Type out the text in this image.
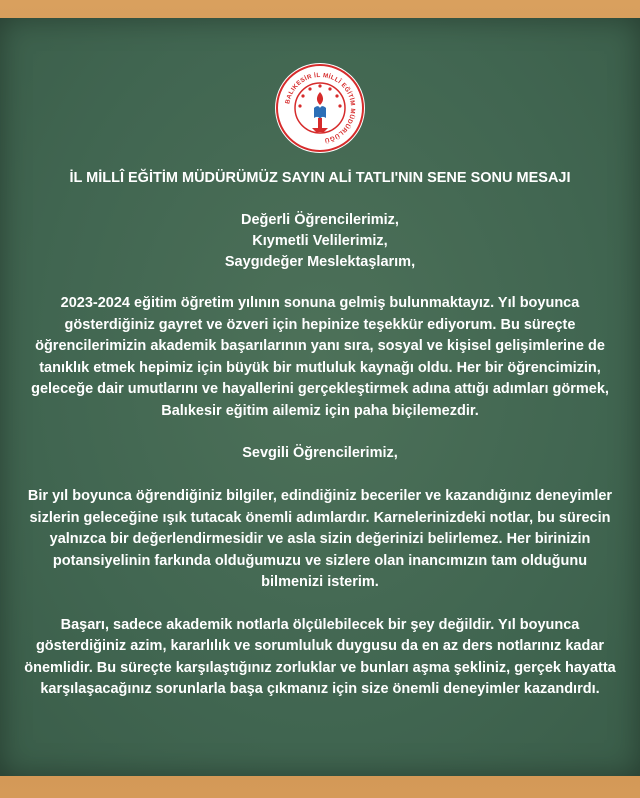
BALIKESİR İL MİLLÎ EĞİTİM MÜDÜRLÜĞÜ
İL MİLLÎ EĞİTİM MÜDÜRÜMÜZ SAYIN ALİ TATLI'NIN SENE SONU MESAJI

Değerli Öğrencilerimiz,

Kıymetli Velilerimiz,

Saygıdeğer Meslektaşlarım,

2023-2024 eğitim öğretim yılının sonuna gelmiş bulunmaktayız. Yıl boyunca gösterdiğiniz gayret ve özveri için hepinize teşekkür ediyorum. Bu süreçte öğrencilerimizin akademik başarılarının yanı sıra, sosyal ve kişisel gelişimlerine de tanıklık etmek hepimiz için büyük bir mutluluk kaynağı oldu. Her bir öğrencimizin, geleceğe dair umutlarını ve hayallerini gerçekleştirmek adına attığı adımları görmek, Balıkesir eğitim ailemiz için paha biçilemezdir.

Sevgili Öğrencilerimiz,

Bir yıl boyunca öğrendiğiniz bilgiler, edindiğiniz beceriler ve kazandığınız deneyimler sizlerin geleceğine ışık tutacak önemli adımlardır. Karnelerinizdeki notlar, bu sürecin yalnızca bir değerlendirmesidir ve asla sizin değerinizi belirlemez. Her birinizin potansiyelinin farkında olduğumuzu ve sizlere olan inancımızın tam olduğunu bilmenizi isterim.

Başarı, sadece akademik notlarla ölçülebilecek bir şey değildir. Yıl boyunca gösterdiğiniz azim, kararlılık ve sorumluluk duygusu da en az ders notlarınız kadar önemlidir. Bu süreçte karşılaştığınız zorluklar ve bunları aşma şekliniz, gerçek hayatta karşılaşacağınız sorunlarla başa çıkmanız için size önemli deneyimler kazandırdı.
